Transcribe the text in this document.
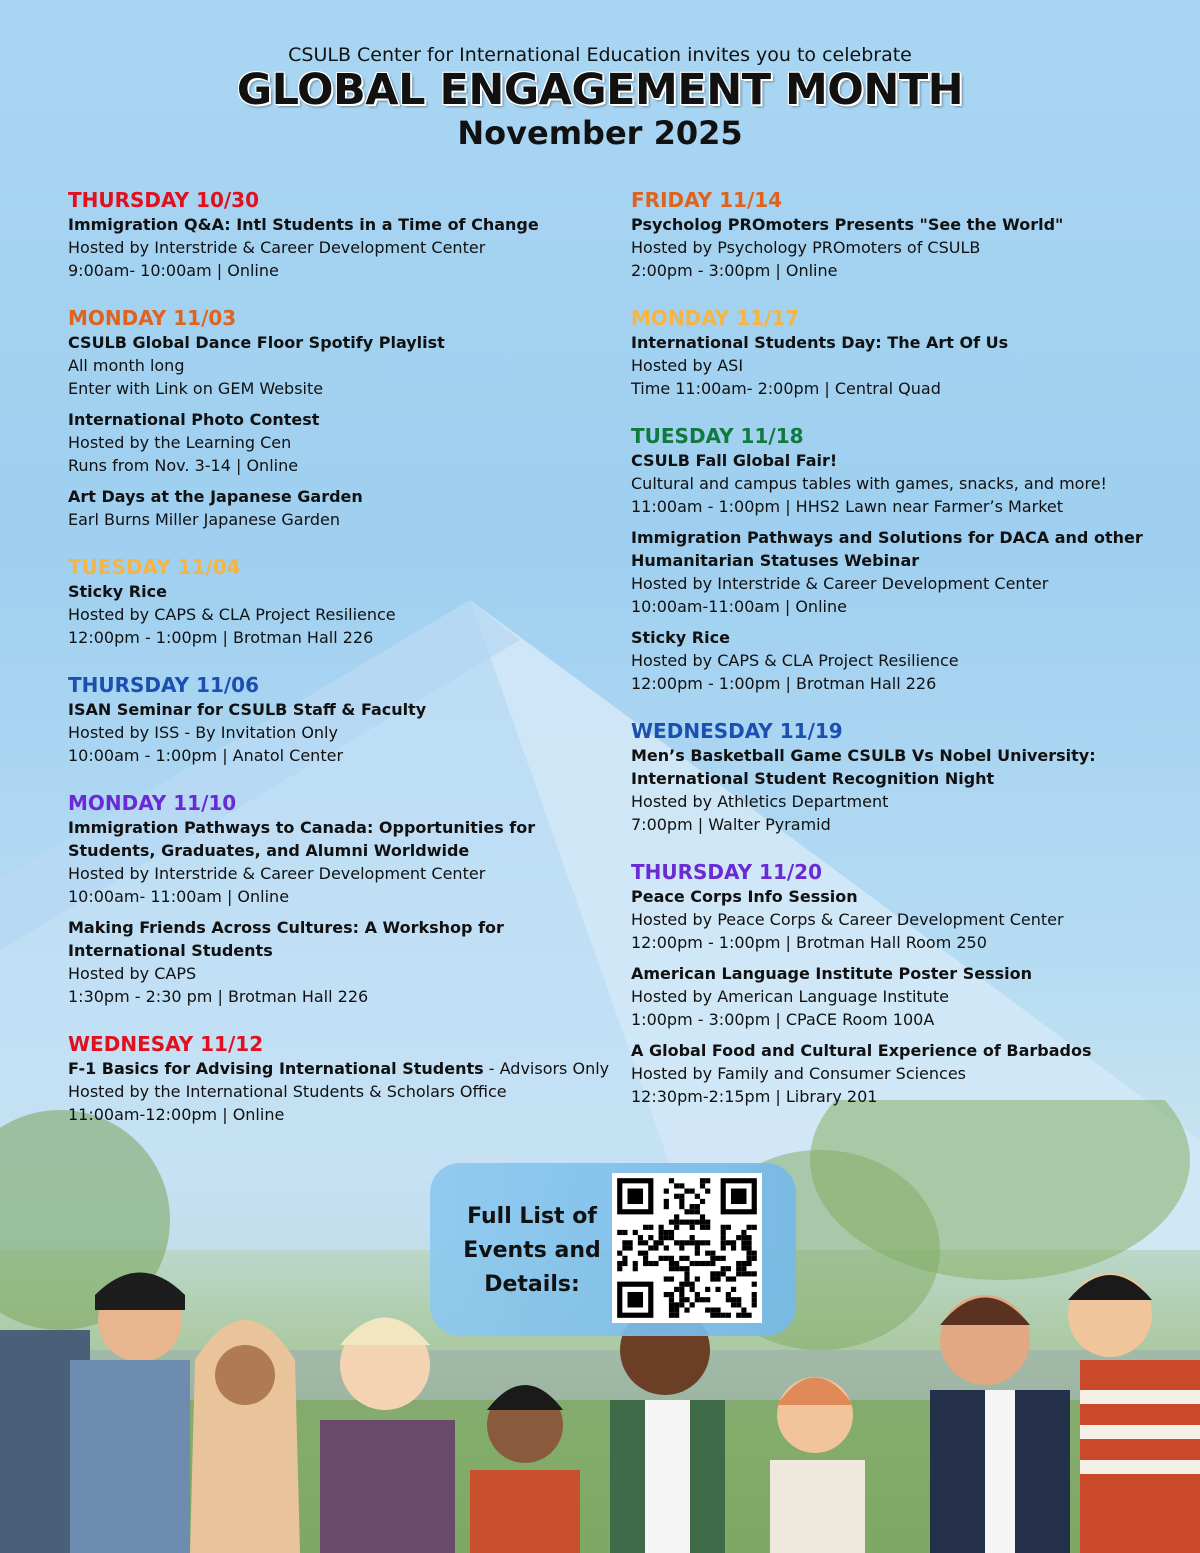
CSULB Center for International Education invites you to celebrate

GLOBAL ENGAGEMENT MONTH

November 2025

THURSDAY 10/30
Immigration Q&A: Intl Students in a Time of Change
Hosted by Interstride & Career Development Center
9:00am- 10:00am | Online
MONDAY 11/03
CSULB Global Dance Floor Spotify Playlist
All month long
Enter with Link on GEM Website
International Photo Contest
Hosted by the Learning Cen
Runs from Nov. 3-14 | Online
Art Days at the Japanese Garden
Earl Burns Miller Japanese Garden
TUESDAY 11/04
Sticky Rice
Hosted by CAPS & CLA Project Resilience
12:00pm - 1:00pm | Brotman Hall 226
THURSDAY 11/06
ISAN Seminar for CSULB Staff & Faculty
Hosted by ISS - By Invitation Only
10:00am - 1:00pm | Anatol Center
MONDAY 11/10
Immigration Pathways to Canada: Opportunities for Students, Graduates, and Alumni Worldwide
Hosted by Interstride & Career Development Center
10:00am- 11:00am | Online
Making Friends Across Cultures: A Workshop for International Students
Hosted by CAPS
1:30pm - 2:30 pm | Brotman Hall 226
WEDNESAY 11/12
F-1 Basics for Advising International Students - Advisors Only
Hosted by the International Students & Scholars Office
11:00am-12:00pm | Online
FRIDAY 11/14
Psycholog PROmoters Presents "See the World"
Hosted by Psychology PROmoters of CSULB
2:00pm - 3:00pm | Online
MONDAY 11/17
International Students Day: The Art Of Us
Hosted by ASI
Time 11:00am- 2:00pm | Central Quad
TUESDAY 11/18
CSULB Fall Global Fair!
Cultural and campus tables with games, snacks, and more!
11:00am - 1:00pm | HHS2 Lawn near Farmer’s Market
Immigration Pathways and Solutions for DACA and other Humanitarian Statuses Webinar
Hosted by Interstride & Career Development Center
10:00am-11:00am | Online
Sticky Rice
Hosted by CAPS & CLA Project Resilience
12:00pm - 1:00pm | Brotman Hall 226
WEDNESDAY 11/19
Men’s Basketball Game CSULB Vs Nobel University: International Student Recognition Night
Hosted by Athletics Department
7:00pm | Walter Pyramid
THURSDAY 11/20
Peace Corps Info Session
Hosted by Peace Corps & Career Development Center
12:00pm - 1:00pm | Brotman Hall Room 250
American Language Institute Poster Session
Hosted by American Language Institute
1:00pm - 3:00pm | CPaCE Room 100A
A Global Food and Cultural Experience of Barbados
Hosted by Family and Consumer Sciences
12:30pm-2:15pm | Library 201
Full List of
Events and
Details:
